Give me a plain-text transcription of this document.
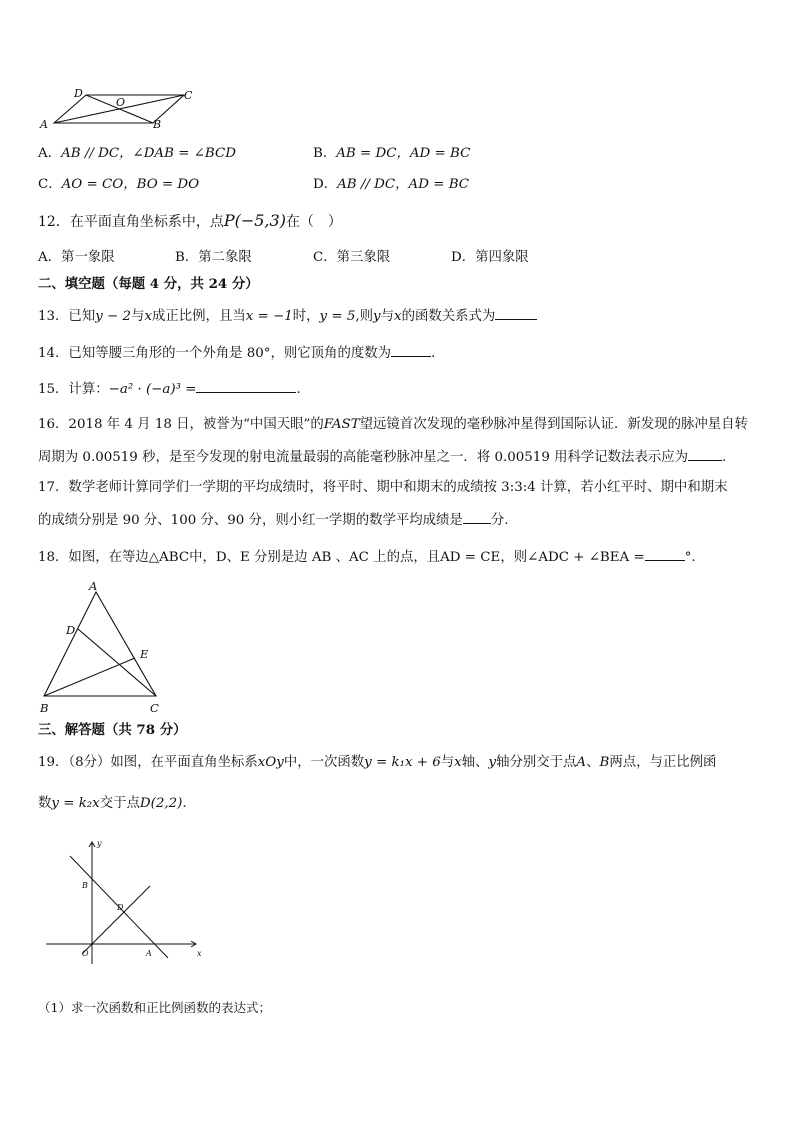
A
D
O
C
B
A．AB // DC，∠DAB = ∠BCD	B．AB = DC，AD = BC
C．AO = CO，BO = DO	D．AB // DC，AD = BC
12．在平面直角坐标系中，点P(−5,3)在（　）
A．第一象限	B．第二象限	C．第三象限	D．第四象限
二、填空题（每题 4 分，共 24 分）
13．已知y − 2与x成正比例，且当x = −1时，y = 5,则y与x的函数关系式为
14．已知等腰三角形的一个外角是 80°，则它顶角的度数为	.
15．计算：−a² · (−a)³ =	.
16．2018 年 4 月 18 日，被誉为“中国天眼”的FAST望远镜首次发现的毫秒脉冲星得到国际认证．新发现的脉冲星自转
周期为 0.00519 秒，是至今发现的射电流量最弱的高能毫秒脉冲星之一．将 0.00519 用科学记数法表示应为	.
17．数学老师计算同学们一学期的平均成绩时，将平时、期中和期末的成绩按 3:3:4 计算，若小红平时、期中和期末
的成绩分别是 90 分、100 分、90 分，则小红一学期的数学平均成绩是 分.
18．如图，在等边△ABC中，D、E 分别是边 AB 、AC 上的点，且AD = CE，则∠ADC + ∠BEA =	°.
A
D
E
B	C
三、解答题（共 78 分）
19．（8分）如图，在平面直角坐标系xOy中，一次函数y = k₁x + 6与x轴、y轴分别交于点A、B两点，与正比例函
数y = k₂x交于点D(2,2).
y
x
B
D
O	A
（1）求一次函数和正比例函数的表达式；
